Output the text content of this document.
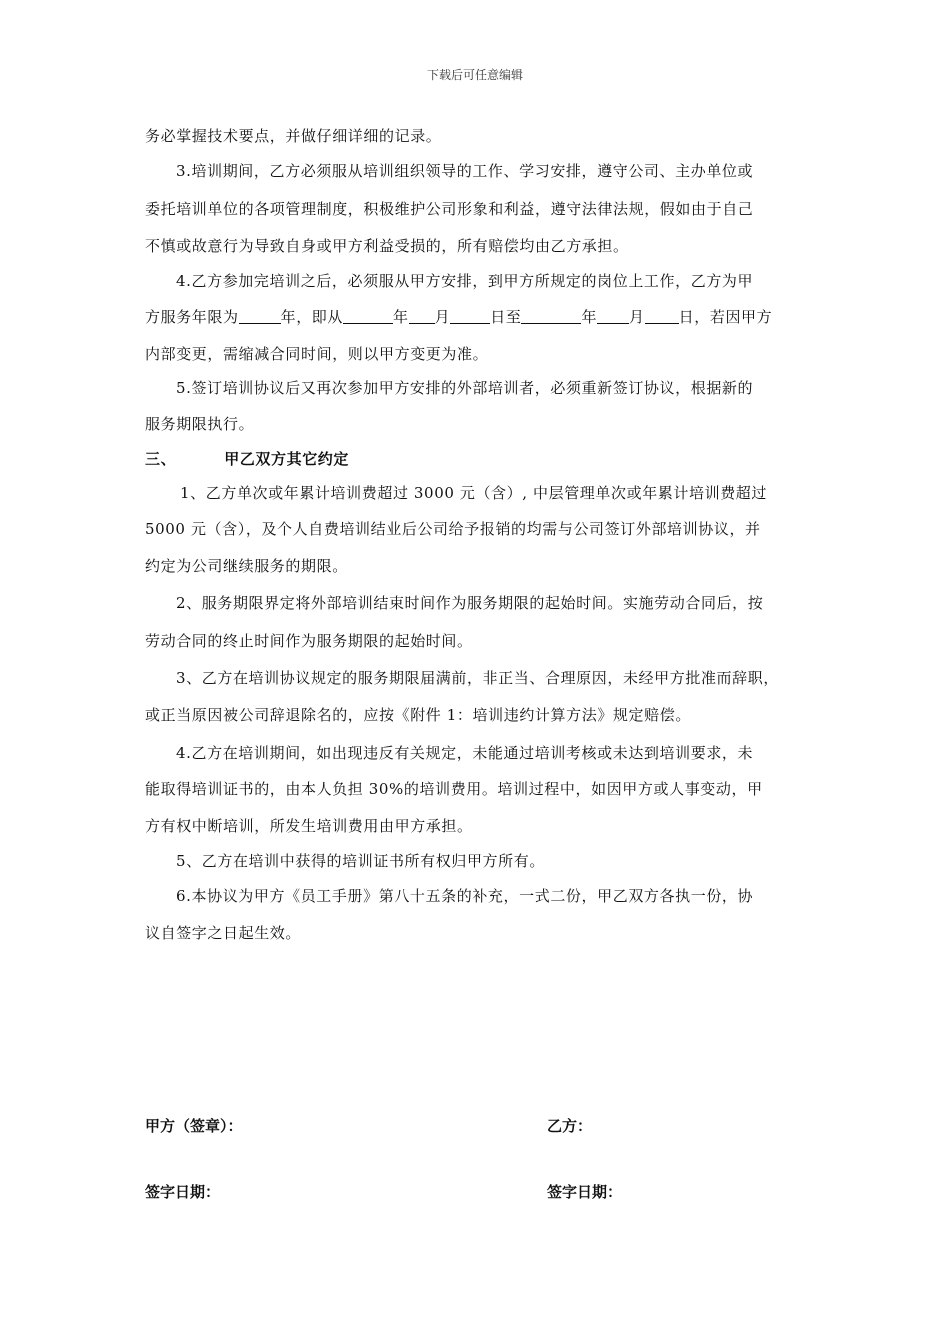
下载后可任意编辑
务必掌握技术要点，并做仔细详细的记录。
3.培训期间，乙方必须服从培训组织领导的工作、学习安排，遵守公司、主办单位或
委托培训单位的各项管理制度，积极维护公司形象和利益，遵守法律法规，假如由于自己
不慎或故意行为导致自身或甲方利益受损的，所有赔偿均由乙方承担。
4.乙方参加完培训之后，必须服从甲方安排，到甲方所规定的岗位上工作，乙方为甲
方服务年限为	年，即从	年 月	日至	年 月 日，若因甲方
内部变更，需缩减合同时间，则以甲方变更为准。
5.签订培训协议后又再次参加甲方安排的外部培训者，必须重新签订协议，根据新的
服务期限执行。
三、	甲乙双方其它约定
1、乙方单次或年累计培训费超过 3000 元（含）, 中层管理单次或年累计培训费超过
5000 元（含），及个人自费培训结业后公司给予报销的均需与公司签订外部培训协议，并
约定为公司继续服务的期限。
2、服务期限界定将外部培训结束时间作为服务期限的起始时间。实施劳动合同后，按
劳动合同的终止时间作为服务期限的起始时间。
3、乙方在培训协议规定的服务期限届满前，非正当、合理原因，未经甲方批准而辞职，
或正当原因被公司辞退除名的，应按《附件 1：培训违约计算方法》规定赔偿。
4.乙方在培训期间，如出现违反有关规定，未能通过培训考核或未达到培训要求，未
能取得培训证书的，由本人负担 30%的培训费用。培训过程中，如因甲方或人事变动，甲
方有权中断培训，所发生培训费用由甲方承担。
5、乙方在培训中获得的培训证书所有权归甲方所有。
6.本协议为甲方《员工手册》第八十五条的补充，一式二份，甲乙双方各执一份，协
议自签字之日起生效。
甲方（签章）：	乙方：
签字日期：	签字日期：
